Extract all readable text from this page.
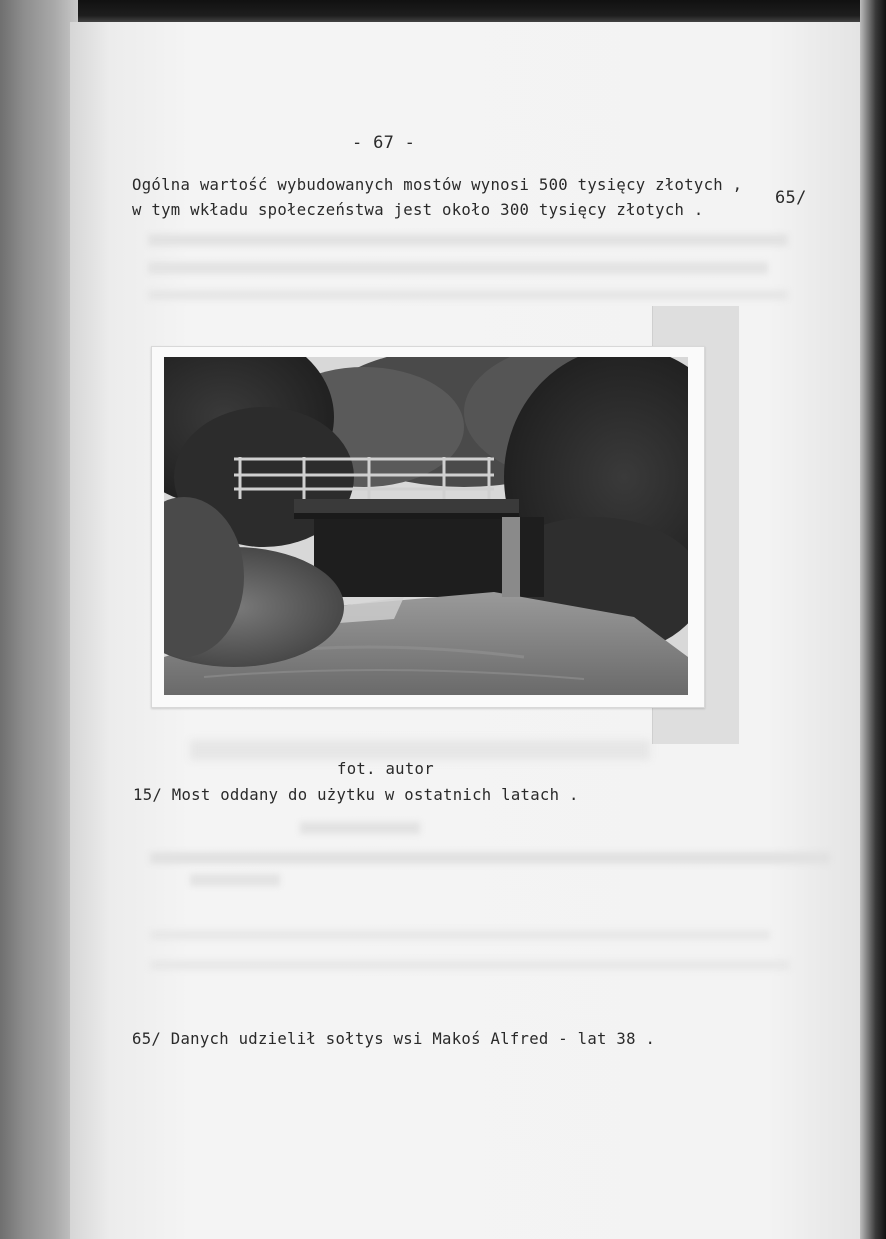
- 67 -
Ogólna wartość wybudowanych mostów wynosi 500 tysięcy złotych ,
w tym wkładu społeczeństwa jest około 300 tysięcy złotych .
65/
fot. autor
15/ Most oddany do użytku w ostatnich latach .
65/ Danych udzielił sołtys wsi Makoś Alfred - lat 38 .
